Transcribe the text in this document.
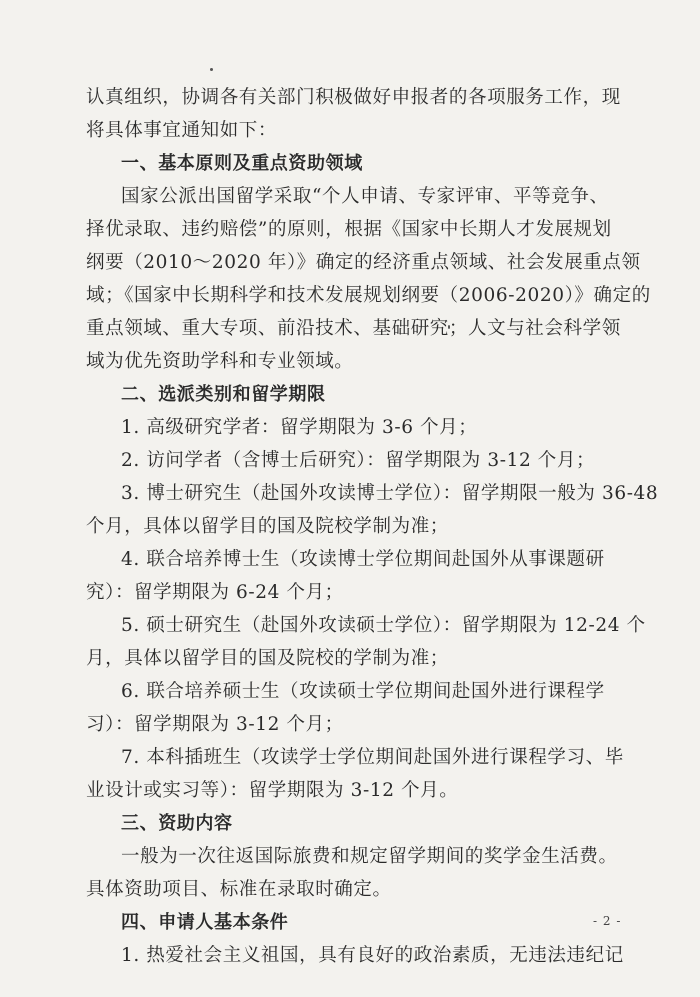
认真组织，协调各有关部门积极做好申报者的各项服务工作，现
将具体事宜通知如下：
一、基本原则及重点资助领域
国家公派出国留学采取“个人申请、专家评审、平等竞争、
择优录取、违约赔偿”的原则，根据《国家中长期人才发展规划
纲要（2010～2020 年）》确定的经济重点领域、社会发展重点领
域；《国家中长期科学和技术发展规划纲要（2006-2020）》确定的
重点领域、重大专项、前沿技术、基础研究；人文与社会科学领
域为优先资助学科和专业领域。
二、选派类别和留学期限
1. 高级研究学者：留学期限为 3-6 个月；
2. 访问学者（含博士后研究）：留学期限为 3-12 个月；
3. 博士研究生（赴国外攻读博士学位）：留学期限一般为 36-48
个月，具体以留学目的国及院校学制为准；
4. 联合培养博士生（攻读博士学位期间赴国外从事课题研
究）：留学期限为 6-24 个月；
5. 硕士研究生（赴国外攻读硕士学位）：留学期限为 12-24 个
月，具体以留学目的国及院校的学制为准；
6. 联合培养硕士生（攻读硕士学位期间赴国外进行课程学
习）：留学期限为 3-12 个月；
7. 本科插班生（攻读学士学位期间赴国外进行课程学习、毕
业设计或实习等）：留学期限为 3-12 个月。
三、资助内容
一般为一次往返国际旅费和规定留学期间的奖学金生活费。
具体资助项目、标准在录取时确定。
四、申请人基本条件
1. 热爱社会主义祖国，具有良好的政治素质，无违法违纪记
- 2 -
